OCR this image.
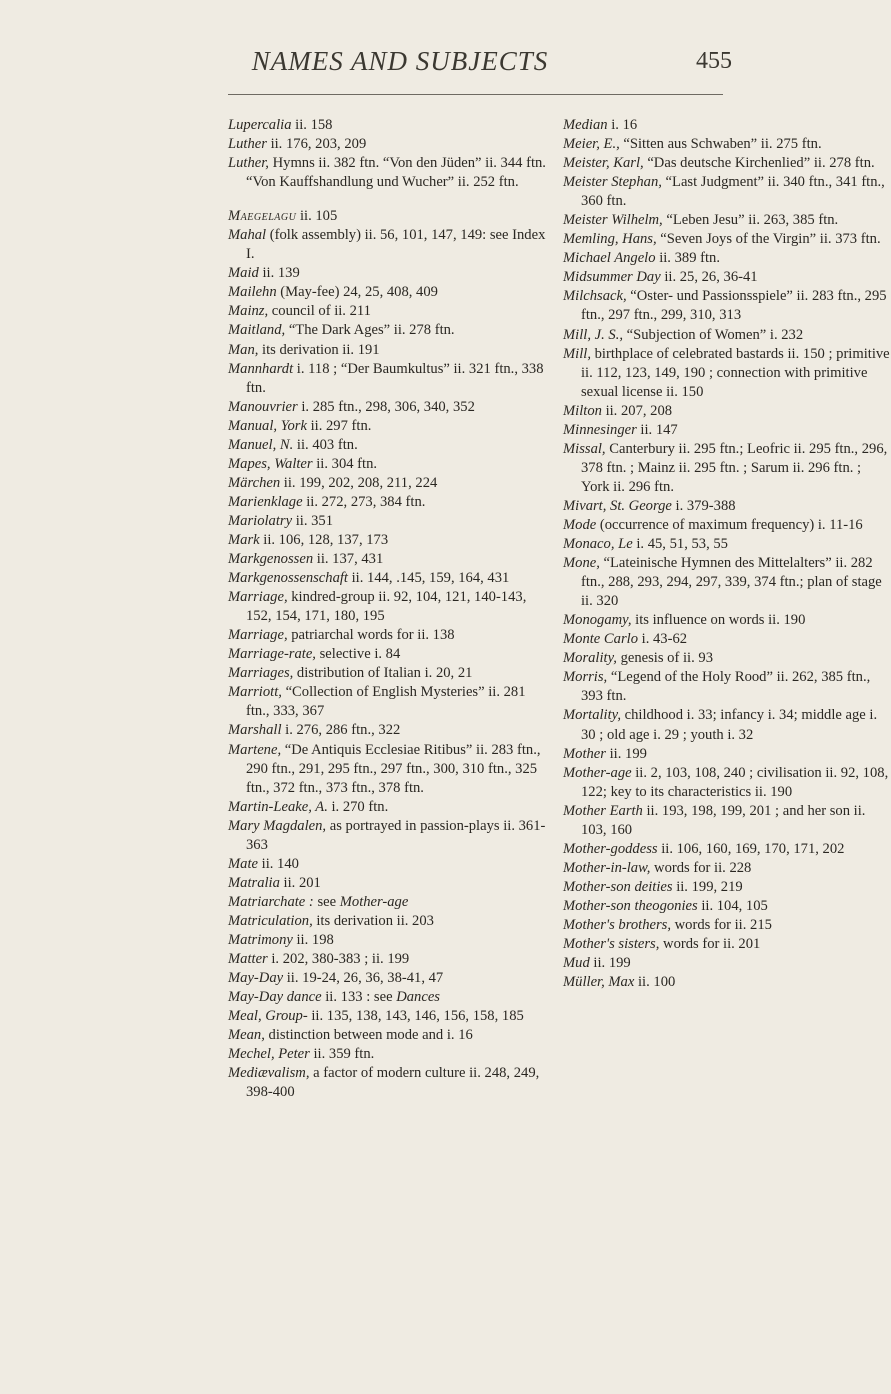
NAMES AND SUBJECTS	455

Lupercalia ii. 158

Luther ii. 176, 203, 209

Luther, Hymns ii. 382 ftn. “Von den Jüden” ii. 344 ftn. “Von Kauffshandlung und Wucher” ii. 252 ftn.

Maegelagu ii. 105

Mahal (folk assembly) ii. 56, 101, 147, 149: see Index I.

Maid ii. 139

Mailehn (May-fee) 24, 25, 408, 409

Mainz, council of ii. 211

Maitland, “The Dark Ages” ii. 278 ftn.

Man, its derivation ii. 191

Mannhardt i. 118 ; “Der Baumkultus” ii. 321 ftn., 338 ftn.

Manouvrier i. 285 ftn., 298, 306, 340, 352

Manual, York ii. 297 ftn.

Manuel, N. ii. 403 ftn.

Mapes, Walter ii. 304 ftn.

Märchen ii. 199, 202, 208, 211, 224

Marienklage ii. 272, 273, 384 ftn.

Mariolatry ii. 351

Mark ii. 106, 128, 137, 173

Markgenossen ii. 137, 431

Markgenossenschaft ii. 144, .145, 159, 164, 431

Marriage, kindred-group ii. 92, 104, 121, 140-143, 152, 154, 171, 180, 195

Marriage, patriarchal words for ii. 138

Marriage-rate, selective i. 84

Marriages, distribution of Italian i. 20, 21

Marriott, “Collection of English Mysteries” ii. 281 ftn., 333, 367

Marshall i. 276, 286 ftn., 322

Martene, “De Antiquis Ecclesiae Ritibus” ii. 283 ftn., 290 ftn., 291, 295 ftn., 297 ftn., 300, 310 ftn., 325 ftn., 372 ftn., 373 ftn., 378 ftn.

Martin-Leake, A. i. 270 ftn.

Mary Magdalen, as portrayed in passion-plays ii. 361-363

Mate ii. 140

Matralia ii. 201

Matriarchate : see Mother-age

Matriculation, its derivation ii. 203

Matrimony ii. 198

Matter i. 202, 380-383 ; ii. 199

May-Day ii. 19-24, 26, 36, 38-41, 47

May-Day dance ii. 133 : see Dances

Meal, Group- ii. 135, 138, 143, 146, 156, 158, 185

Mean, distinction between mode and i. 16

Mechel, Peter ii. 359 ftn.

Mediævalism, a factor of modern culture ii. 248, 249, 398-400

Median i. 16

Meier, E., “Sitten aus Schwaben” ii. 275 ftn.

Meister, Karl, “Das deutsche Kirchenlied” ii. 278 ftn.

Meister Stephan, “Last Judgment” ii. 340 ftn., 341 ftn., 360 ftn.

Meister Wilhelm, “Leben Jesu” ii. 263, 385 ftn.

Memling, Hans, “Seven Joys of the Virgin” ii. 373 ftn.

Michael Angelo ii. 389 ftn.

Midsummer Day ii. 25, 26, 36-41

Milchsack, “Oster- und Passionsspiele” ii. 283 ftn., 295 ftn., 297 ftn., 299, 310, 313

Mill, J. S., “Subjection of Women” i. 232

Mill, birthplace of celebrated bastards ii. 150 ; primitive ii. 112, 123, 149, 190 ; connection with primitive sexual license ii. 150

Milton ii. 207, 208

Minnesinger ii. 147

Missal, Canterbury ii. 295 ftn.; Leofric ii. 295 ftn., 296, 378 ftn. ; Mainz ii. 295 ftn. ; Sarum ii. 296 ftn. ; York ii. 296 ftn.

Mivart, St. George i. 379-388

Mode (occurrence of maximum frequency) i. 11-16

Monaco, Le i. 45, 51, 53, 55

Mone, “Lateinische Hymnen des Mittelalters” ii. 282 ftn., 288, 293, 294, 297, 339, 374 ftn.; plan of stage ii. 320

Monogamy, its influence on words ii. 190

Monte Carlo i. 43-62

Morality, genesis of ii. 93

Morris, “Legend of the Holy Rood” ii. 262, 385 ftn., 393 ftn.

Mortality, childhood i. 33; infancy i. 34; middle age i. 30 ; old age i. 29 ; youth i. 32

Mother ii. 199

Mother-age ii. 2, 103, 108, 240 ; civilisation ii. 92, 108, 122; key to its characteristics ii. 190

Mother Earth ii. 193, 198, 199, 201 ; and her son ii. 103, 160

Mother-goddess ii. 106, 160, 169, 170, 171, 202

Mother-in-law, words for ii. 228

Mother-son deities ii. 199, 219

Mother-son theogonies ii. 104, 105

Mother's brothers, words for ii. 215

Mother's sisters, words for ii. 201

Mud ii. 199

Müller, Max ii. 100
